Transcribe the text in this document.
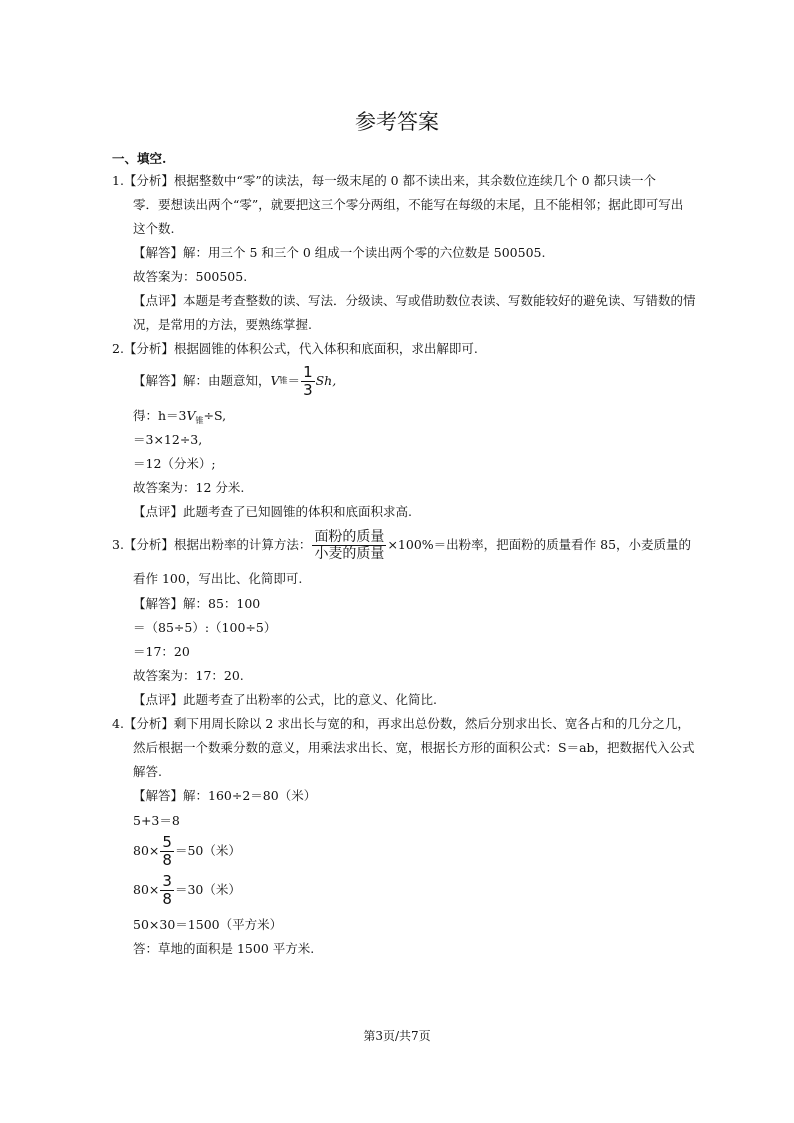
参考答案
一、填空.
1.【分析】根据整数中“零”的读法，每一级末尾的 0 都不读出来，其余数位连续几个 0 都只读一个
零．要想读出两个“零”，就要把这三个零分两组，不能写在每级的末尾，且不能相邻；据此即可写出
这个数.
【解答】解：用三个 5 和三个 0 组成一个读出两个零的六位数是 500505.
故答案为：500505.
【点评】本题是考查整数的读、写法．分级读、写或借助数位表读、写数能较好的避免读、写错数的情
况，是常用的方法，要熟练掌握.
2.【分析】根据圆锥的体积公式，代入体积和底面积，求出解即可.
【解答】解：由题意知， V 锥 ＝ $\frac{1}{3} Sh$,
得：$h=3V_锥\div S$,
＝3×12÷3,
＝12（分米）;
故答案为：12 分米.
【点评】此题考查了已知圆锥的体积和底面积求高.
3.【分析】根据出粉率的计算方法： $\frac{\text{面粉的质量}}{\text{小麦的质量}} \times 100\%=$出粉率，把面粉的质量看作 85，小麦质量的
看作 100，写出比、化简即可.
【解答】解：85：100
＝（85÷5）:（100÷5）
＝17：20
故答案为：17：20.
【点评】此题考查了出粉率的公式，比的意义、化简比.
4.【分析】剩下用周长除以 2 求出长与宽的和，再求出总份数，然后分别求出长、宽各占和的几分之几，
然后根据一个数乘分数的意义，用乘法求出长、宽，根据长方形的面积公式：S＝ab，把数据代入公式
解答.
【解答】解：160÷2＝80（米）
5+3＝8
$80\times \frac{5}{8} =50$（米）
$80\times \frac{3}{8} =30$（米）
50×30＝1500（平方米）
答：草地的面积是 1500 平方米.
第3页/共7页
